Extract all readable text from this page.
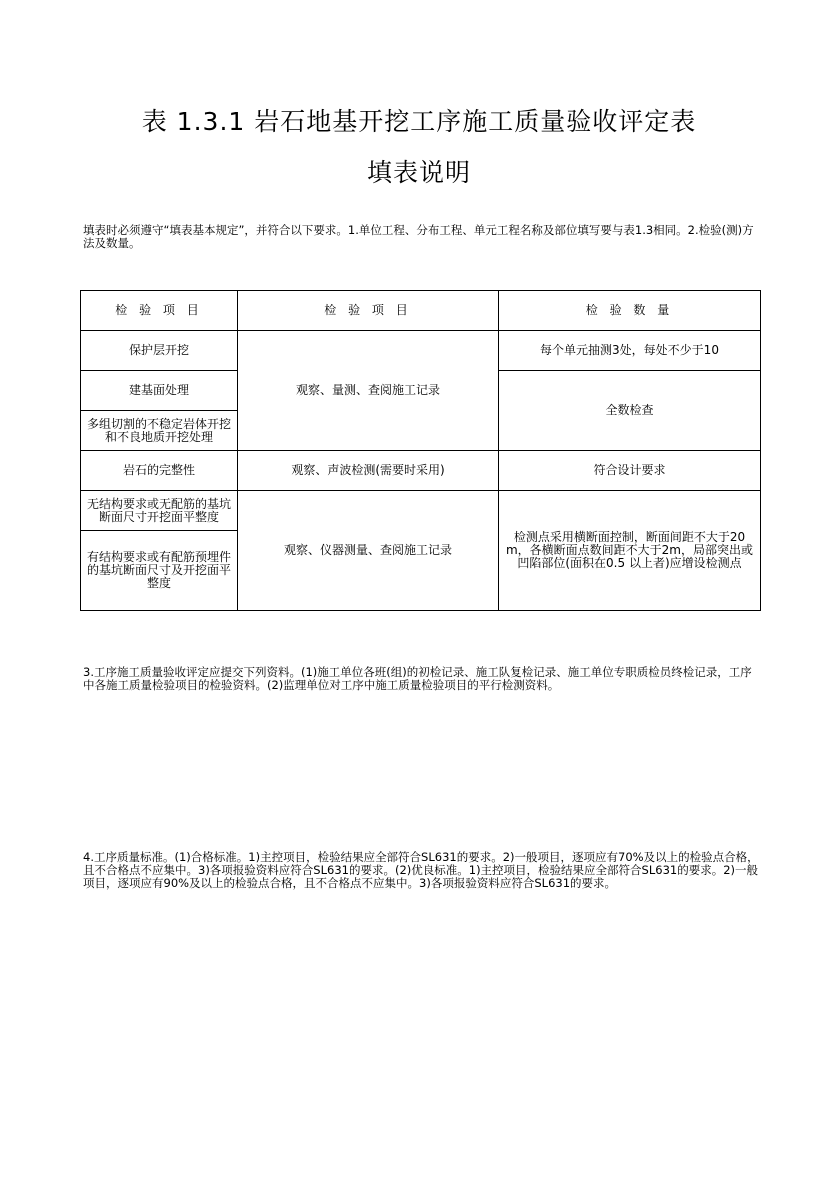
表 1.3.1 岩石地基开挖工序施工质量验收评定表
填表说明
填表时必须遵守“填表基本规定”，并符合以下要求。1.单位工程、分布工程、单元工程名称及部位填写要与表1.3相同。2.检验(测)方法及数量。
检 验 项 目	检 验 项 目	检 验 数 量
保护层开挖	观察、量测、查阅施工记录	每个单元抽测3处，每处不少于10
建基面处理		全数检查
多组切割的不稳定岩体开挖和不良地质开挖处理		
岩石的完整性	观察、声波检测(需要时采用)	符合设计要求
无结构要求或无配筋的基坑断面尺寸开挖面平整度	观察、仪器测量、查阅施工记录	检测点采用横断面控制，断面间距不大于20m，各横断面点数间距不大于2m，局部突出或凹陷部位(面积在0.5 以上者)应增设检测点
有结构要求或有配筋预埋件的基坑断面尺寸及开挖面平整度		
3.工序施工质量验收评定应提交下列资料。(1)施工单位各班(组)的初检记录、施工队复检记录、施工单位专职质检员终检记录，工序中各施工质量检验项目的检验资料。(2)监理单位对工序中施工质量检验项目的平行检测资料。
4.工序质量标准。(1)合格标准。1)主控项目，检验结果应全部符合SL631的要求。2)一般项目，逐项应有70%及以上的检验点合格，且不合格点不应集中。3)各项报验资料应符合SL631的要求。(2)优良标准。1)主控项目，检验结果应全部符合SL631的要求。2)一般项目，逐项应有90%及以上的检验点合格，且不合格点不应集中。3)各项报验资料应符合SL631的要求。
